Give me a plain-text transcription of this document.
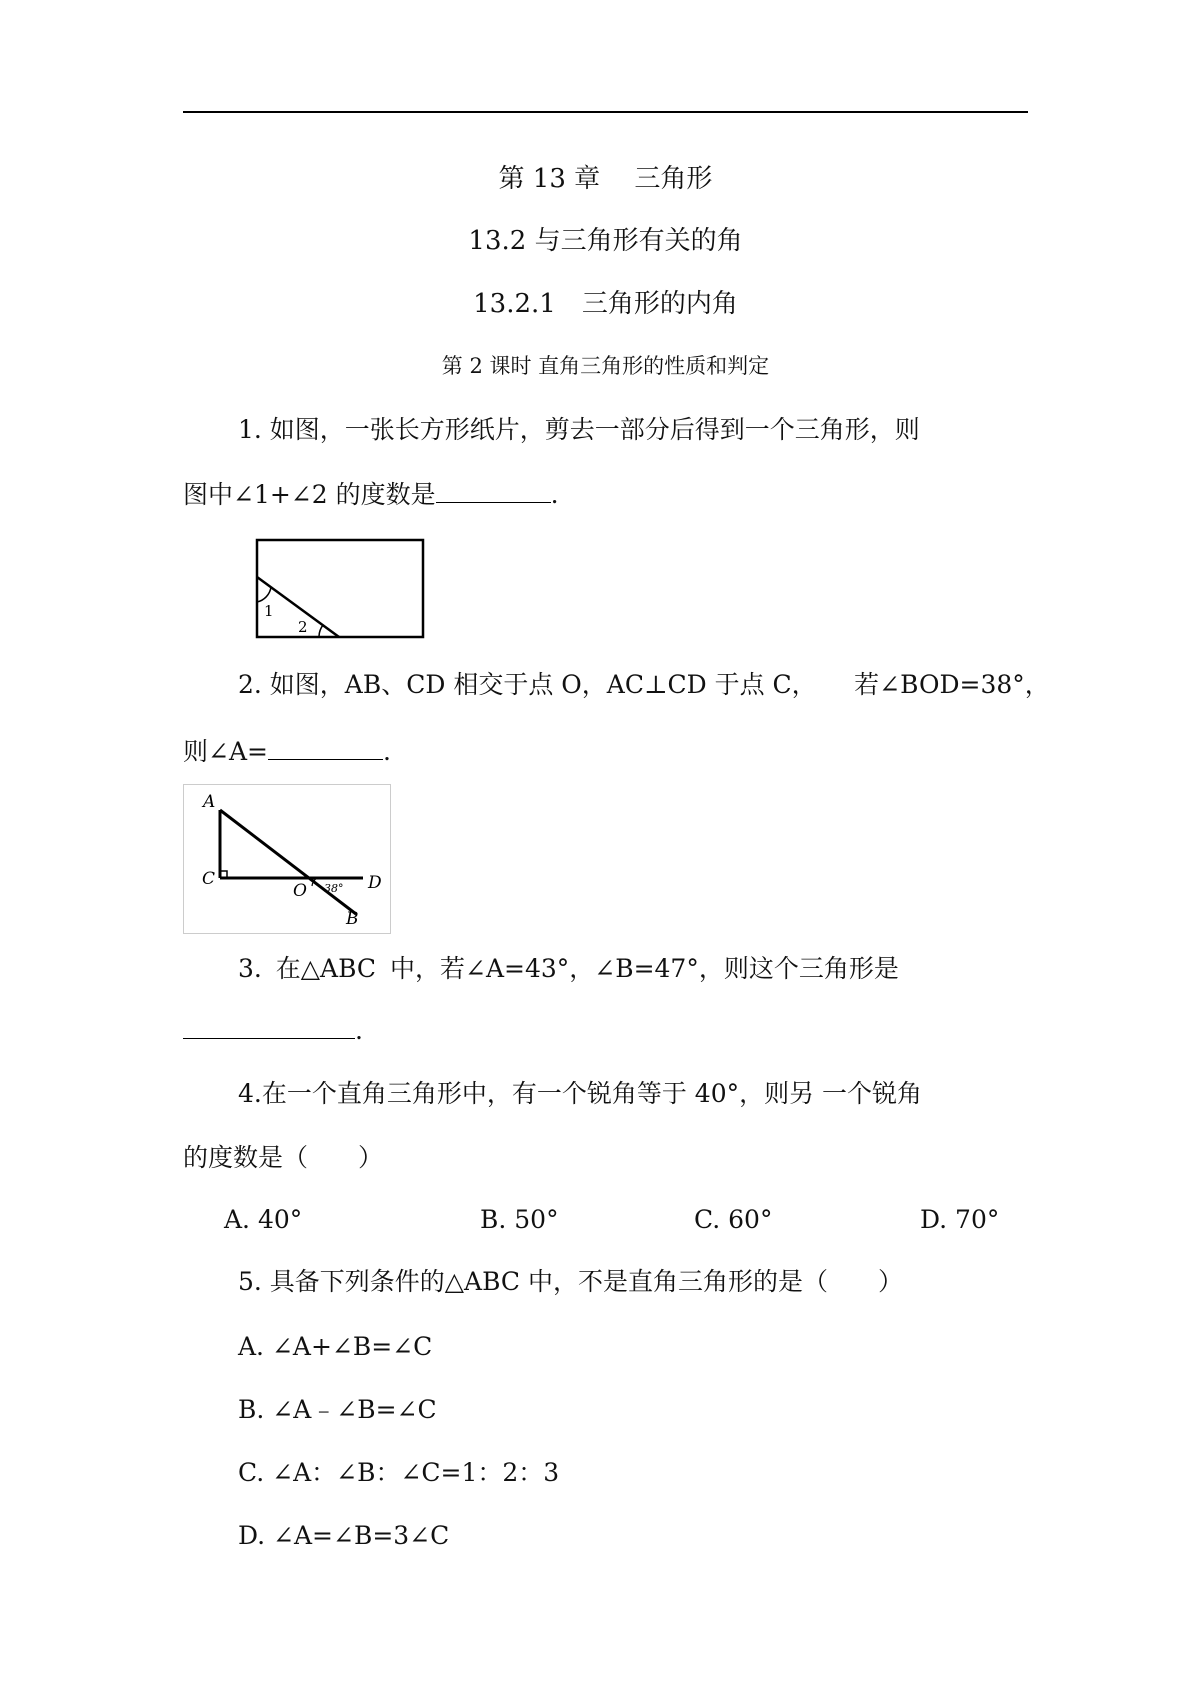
第 13 章　 三角形
13.2 与三角形有关的角
13.2.1　三角形的内角
第 2 课时 直角三角形的性质和判定
1. 如图，一张长方形纸片，剪去一部分后得到一个三角形，则
图中∠1+∠2 的度数是	.
1
2
2. 如图，AB、CD 相交于点 O，AC⊥CD 于点 C，　　若∠BOD=38°，
则∠A=	.
A
C
O	D
B
38°
3. 在△ABC 中，若∠A=43°，∠B=47°，则这个三角形是
.
4.在一个直角三角形中，有一个锐角等于 40°，则另 一个锐角
的度数是（　　）
A. 40°	B. 50°	C. 60°	D. 70°
5. 具备下列条件的△ABC 中，不是直角三角形的是（　　）
A. ∠A+∠B=∠C
B. ∠A﹣∠B=∠C
C. ∠A：∠B：∠C=1：2：3
D. ∠A=∠B=3∠C
